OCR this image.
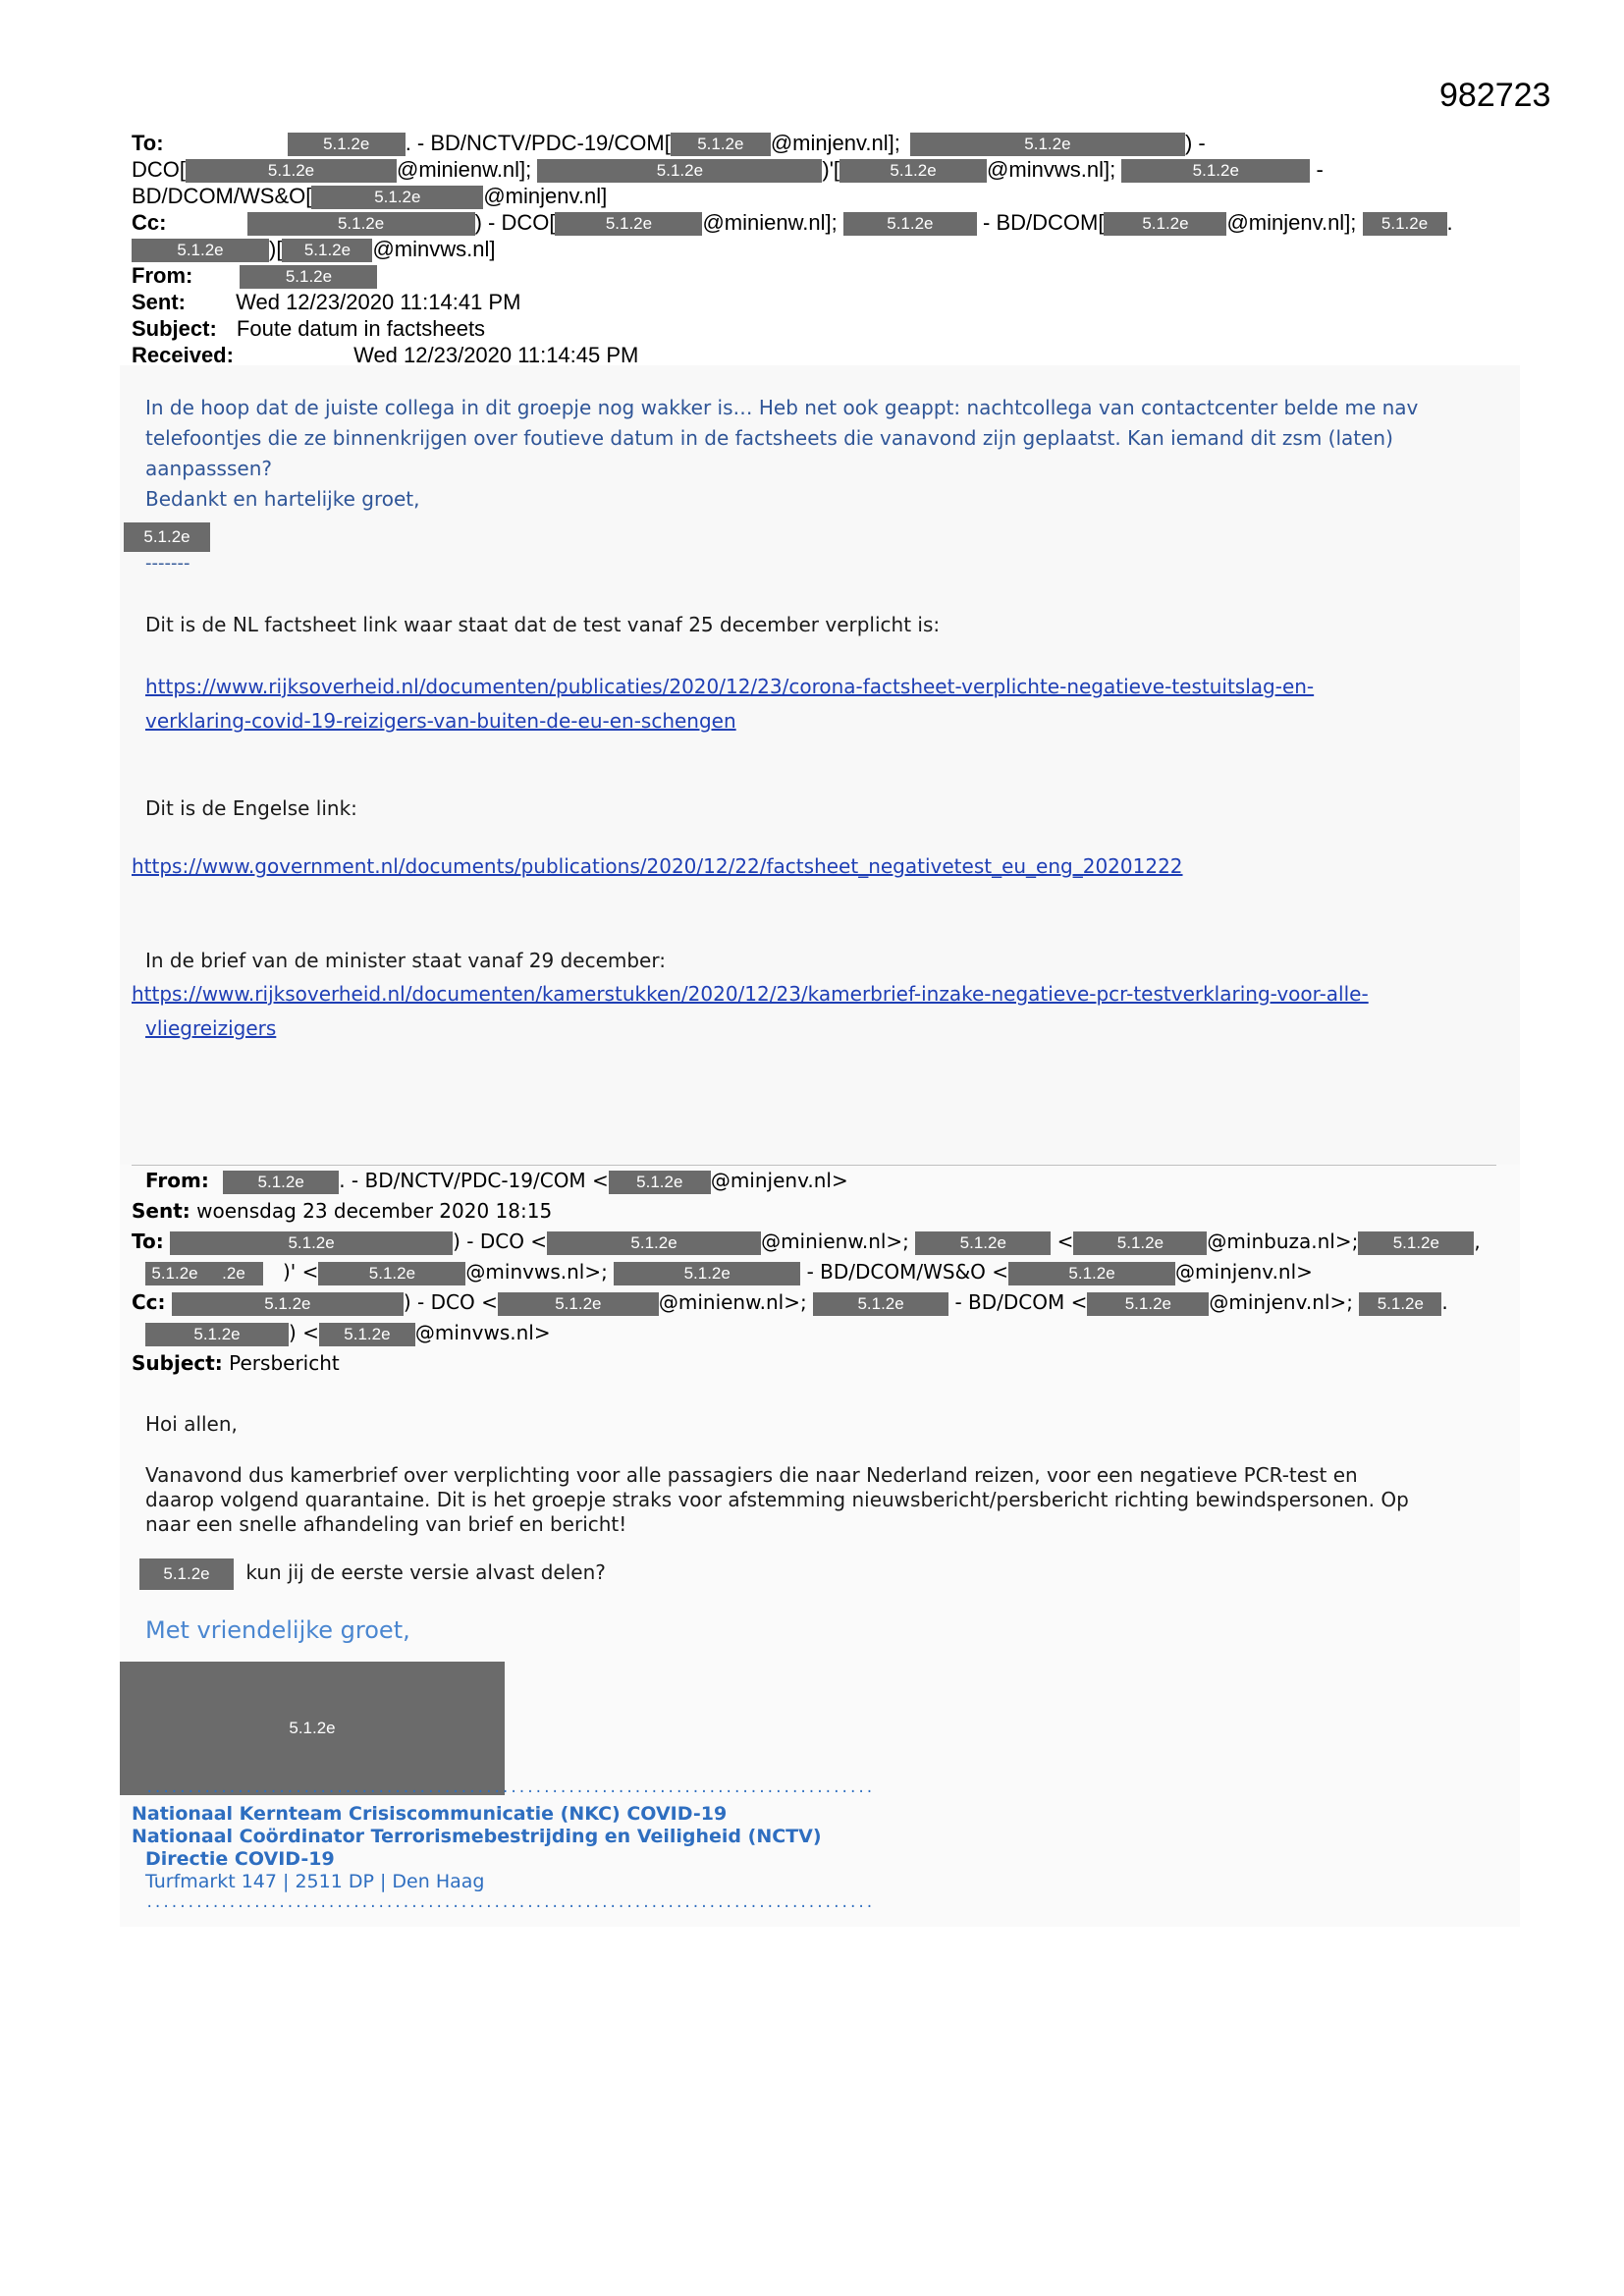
982723
To:	5.1.2e . - BD/NCTV/PDC-19/COM[ 5.1.2e @minjenv.nl];	5.1.2e	) -
DCO[	5.1.2e	@minienw.nl];	5.1.2e	)'[	5.1.2e @minvws.nl];	5.1.2e	-
BD/DCOM/WS&O[	5.1.2e	@minjenv.nl]
Cc:	5.1.2e	) - DCO[	5.1.2e @minienw.nl];	5.1.2e - BD/DCOM[ 5.1.2e @minjenv.nl]; 5.1.2e .
5.1.2e )[ 5.1.2e @minvws.nl]
From:	5.1.2e
Sent: Wed 12/23/2020 11:14:41 PM
Subject: Foute datum in factsheets
Received:	Wed 12/23/2020 11:14:45 PM
In de hoop dat de juiste collega in dit groepje nog wakker is… Heb net ook geappt: nachtcollega van contactcenter belde me nav
telefoontjes die ze binnenkrijgen over foutieve datum in de factsheets die vanavond zijn geplaatst. Kan iemand dit zsm (laten)
aanpasssen?
Bedankt en hartelijke groet,
5.1.2e
-------
Dit is de NL factsheet link waar staat dat de test vanaf 25 december verplicht is:
https://www.rijksoverheid.nl/documenten/publicaties/2020/12/23/corona-factsheet-verplichte-negatieve-testuitslag-en-
verklaring-covid-19-reizigers-van-buiten-de-eu-en-schengen
Dit is de Engelse link:
https://www.government.nl/documents/publications/2020/12/22/factsheet_negativetest_eu_eng_20201222
In de brief van de minister staat vanaf 29 december:
https://www.rijksoverheid.nl/documenten/kamerstukken/2020/12/23/kamerbrief-inzake-negatieve-pcr-testverklaring-voor-alle-
vliegreizigers
From:	5.1.2e . - BD/NCTV/PDC-19/COM < 5.1.2e @minjenv.nl>
Sent: woensdag 23 december 2020 18:15
To:	5.1.2e	) - DCO <	5.1.2e	@minienw.nl>;	5.1.2e	<	5.1.2e @minbuza.nl>; 5.1.2e ,
5.1.2e .2e )' <	5.1.2e	@minvws.nl>;	5.1.2e	- BD/DCOM/WS&O <	5.1.2e	@minjenv.nl>
Cc:	5.1.2e	) - DCO <	5.1.2e	@minienw.nl>;	5.1.2e	- BD/DCOM < 5.1.2e @minjenv.nl>; 5.1.2e .
5.1.2e ) < 5.1.2e @minvws.nl>
Subject: Persbericht
Hoi allen,
Vanavond dus kamerbrief over verplichting voor alle passagiers die naar Nederland reizen, voor een negatieve PCR-test en
daarop volgend quarantaine. Dit is het groepje straks voor afstemming nieuwsbericht/persbericht richting bewindspersonen. Op
naar een snelle afhandeling van brief en bericht!
5.1.2e kun jij de eerste versie alvast delen?
Met vriendelijke groet,
5.1.2e
........................................................................................
Nationaal Kernteam Crisiscommunicatie (NKC) COVID-19
Nationaal Coördinator Terrorismebestrijding en Veiligheid (NCTV)
Directie COVID-19
Turfmarkt 147 | 2511 DP | Den Haag
........................................................................................
